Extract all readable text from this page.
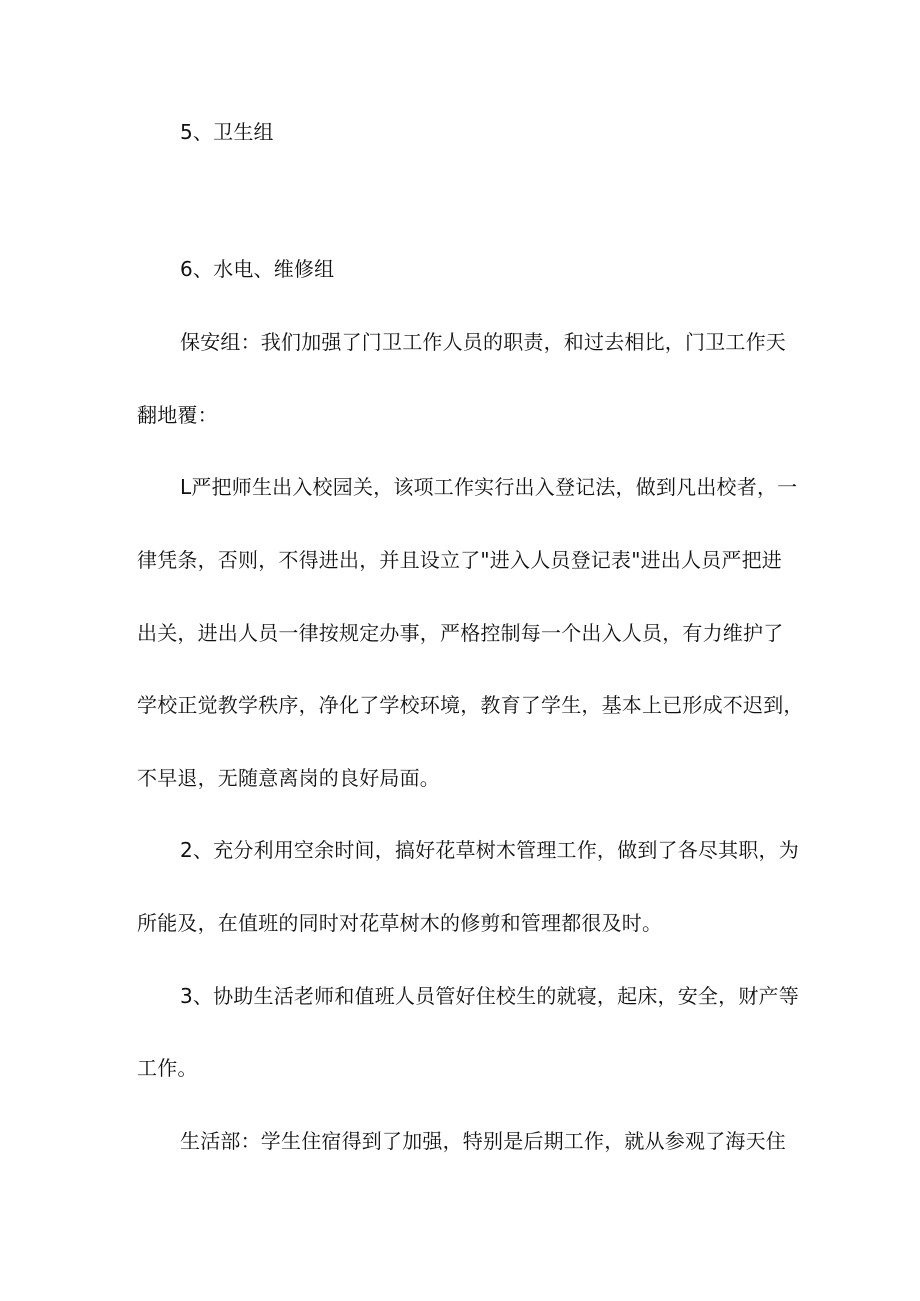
5、卫生组
6、水电、维修组
保安组：我们加强了门卫工作人员的职责，和过去相比，门卫工作天
翻地覆：
L严把师生出入校园关，该项工作实行出入登记法，做到凡出校者，一
律凭条，否则，不得进出，并且设立了"进入人员登记表"进出人员严把进
出关，进出人员一律按规定办事，严格控制每一个出入人员，有力维护了
学校正觉教学秩序，净化了学校环境，教育了学生，基本上已形成不迟到，
不早退，无随意离岗的良好局面。
2、充分利用空余时间，搞好花草树木管理工作，做到了各尽其职，为
所能及，在值班的同时对花草树木的修剪和管理都很及时。
3、协助生活老师和值班人员管好住校生的就寝，起床，安全，财产等
工作。
生活部：学生住宿得到了加强，特别是后期工作，就从参观了海天住
